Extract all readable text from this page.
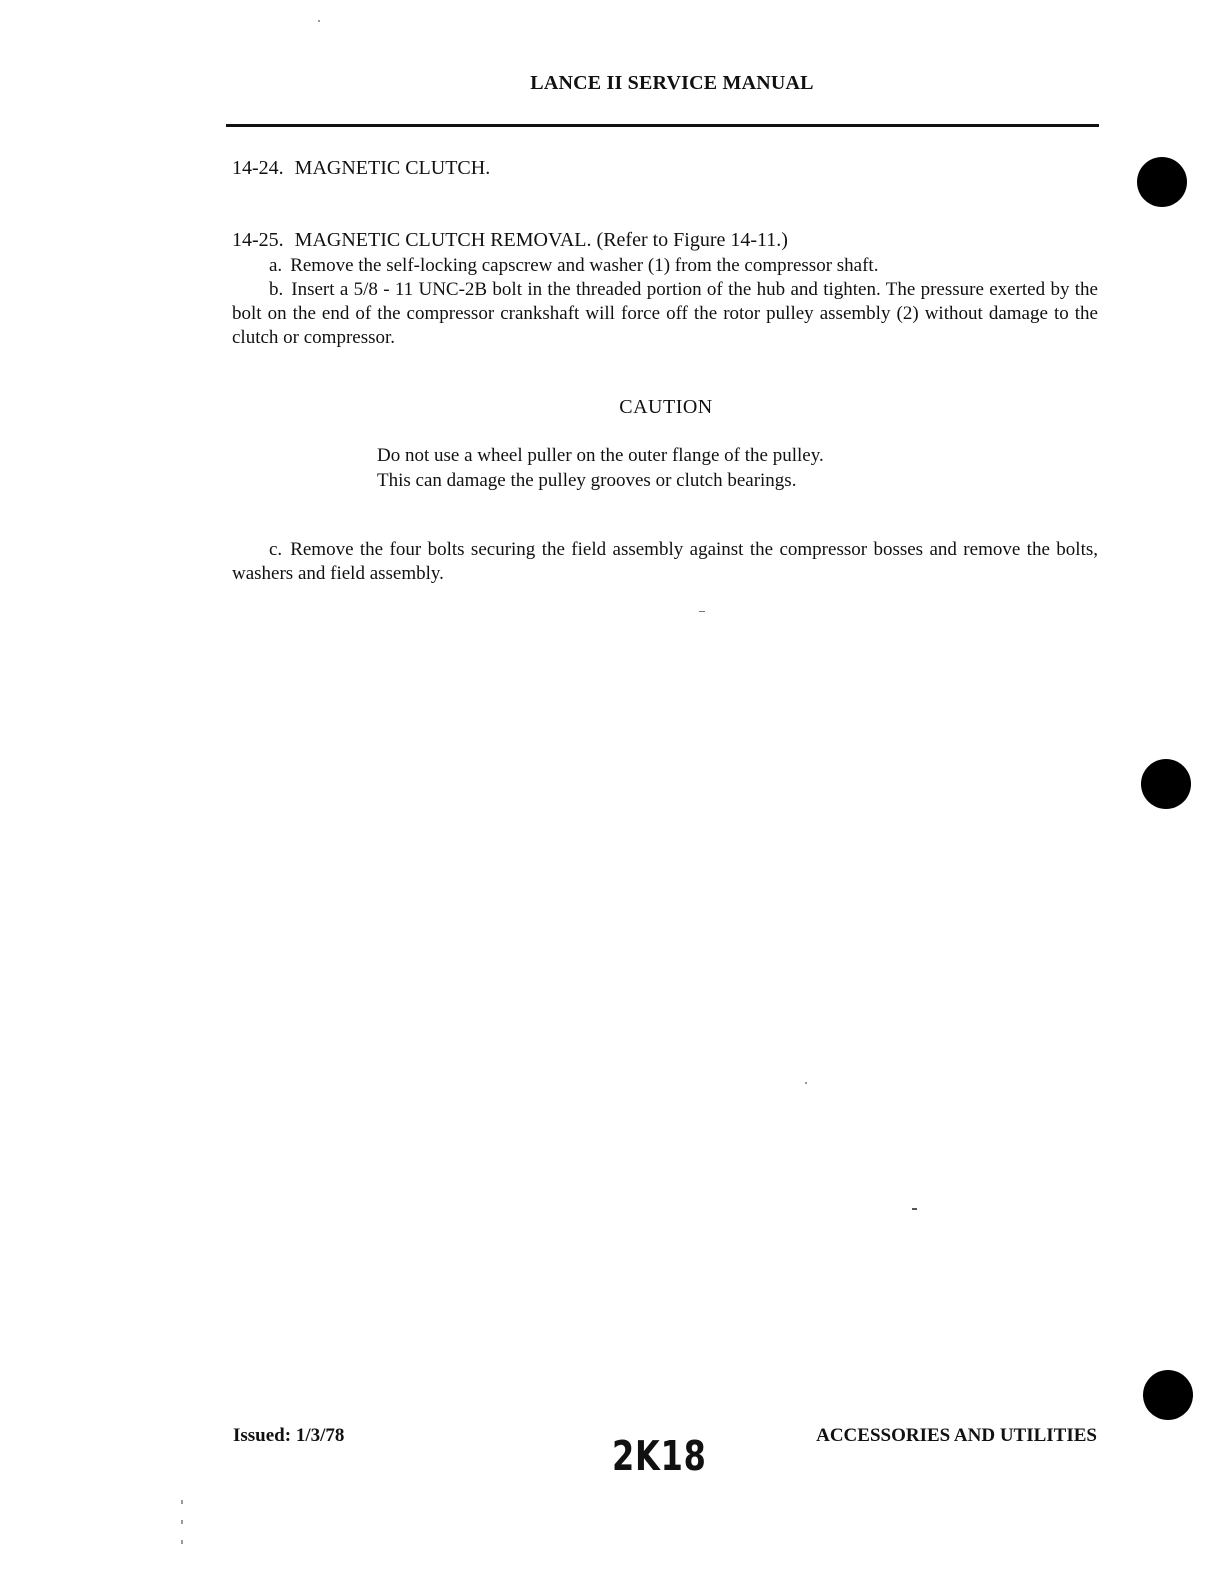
LANCE II SERVICE MANUAL
14-24. MAGNETIC CLUTCH.
14-25. MAGNETIC CLUTCH REMOVAL. (Refer to Figure 14-11.)
a. Remove the self-locking capscrew and washer (1) from the compressor shaft.
b. Insert a 5/8 - 11 UNC-2B bolt in the threaded portion of the hub and tighten. The pressure exerted by the bolt on the end of the compressor crankshaft will force off the rotor pulley assembly (2) without damage to the clutch or compressor.
CAUTION
Do not use a wheel puller on the outer flange of the pulley.
This can damage the pulley grooves or clutch bearings.
c. Remove the four bolts securing the field assembly against the compressor bosses and remove the bolts, washers and field assembly.
Issued: 1/3/78	2K18	ACCESSORIES AND UTILITIES
